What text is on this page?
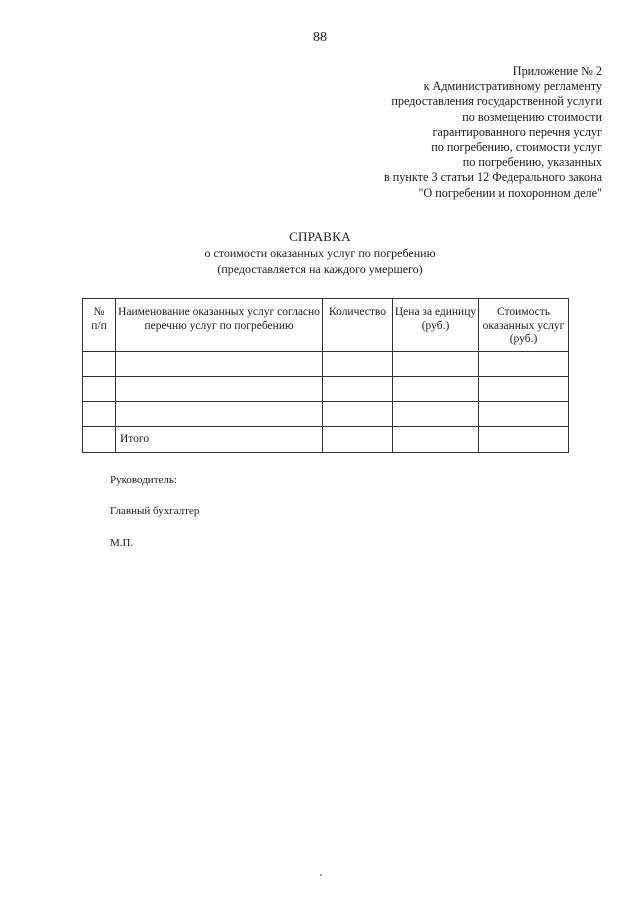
88
Приложение № 2
к Административному регламенту
предоставления государственной услуги
по возмещению стоимости
гарантированного перечня услуг
по погребению, стоимости услуг
по погребению, указанных
в пункте 3 статьи 12 Федерального закона
"О погребении и похоронном деле"
СПРАВКА
о стоимости оказанных услуг по погребению
(предоставляется на каждого умершего)
№
п/п	Наименование оказанных услуг согласно перечню услуг по погребению	Количество	Цена за единицу (руб.)	Стоимость оказанных услуг (руб.)

	Итого			
Руководитель:
Главный бухгалтер
М.П.
